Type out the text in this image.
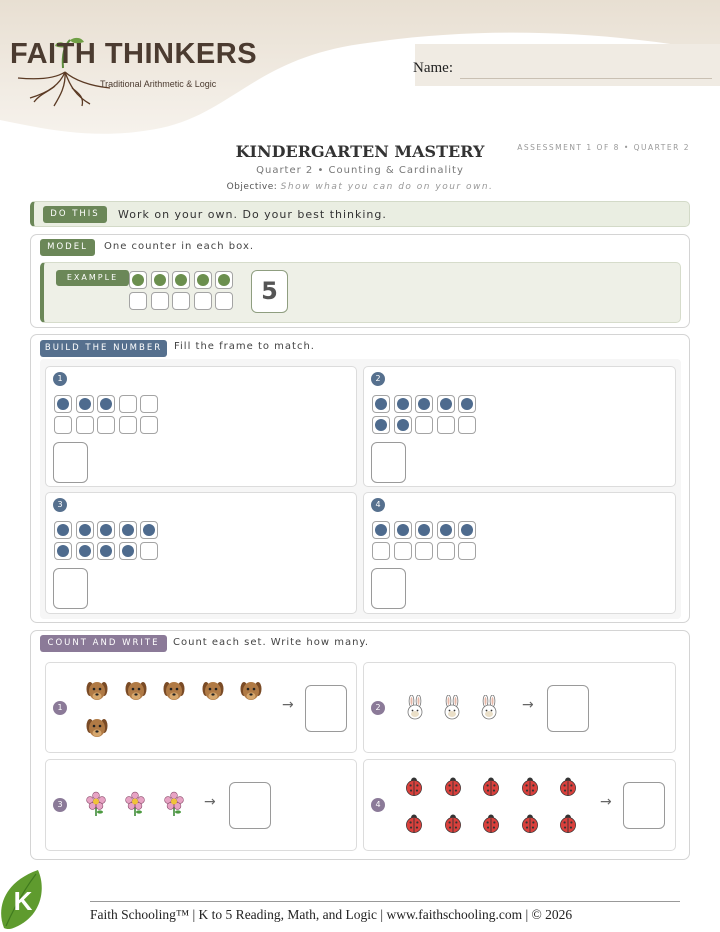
FAITH THINKERS
Traditional Arithmetic & Logic
Name:
KINDERGARTEN MASTERY	ASSESSMENT 1 OF 8 • QUARTER 2
Quarter 2 • Counting & Cardinality
Objective: Show what you can do on your own.
DO THIS	Work on your own. Do your best thinking.
MODEL	One counter in each box.
EXAMPLE	5
BUILD THE NUMBER	Fill the frame to match.
1	2
3	4
COUNT AND WRITE	Count each set. Write how many.
1	→	2	→
3	→	4	→
K	Faith Schooling™ | K to 5 Reading, Math, and Logic | www.faithschooling.com | © 2026
